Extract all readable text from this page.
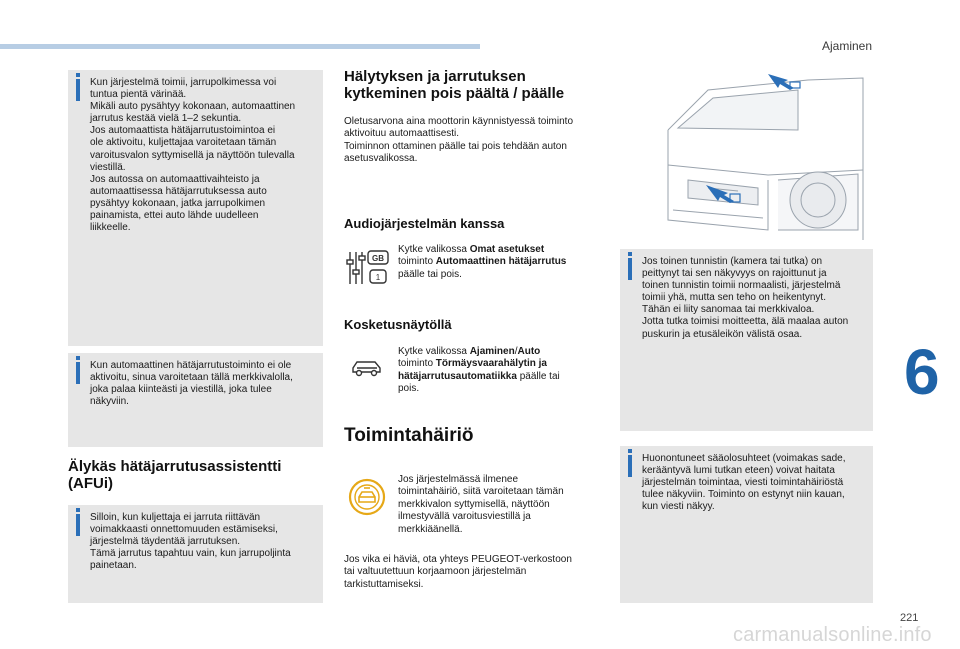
Ajaminen

Kun järjestelmä toimii, jarrupolkimessa voi
tuntua pientä värinää.
Mikäli auto pysähtyy kokonaan, automaattinen
jarrutus kestää vielä 1–2 sekuntia.
Jos automaattista hätäjarrutustoimintoa ei
ole aktivoitu, kuljettajaa varoitetaan tämän
varoitusvalon syttymisellä ja näyttöön tulevalla
viestillä.
Jos autossa on automaattivaihteisto ja
automaattisessa hätäjarrutuksessa auto
pysähtyy kokonaan, jatka jarrupolkimen
painamista, ettei auto lähde uudelleen
liikkeelle.

Kun automaattinen hätäjarrutustoiminto ei ole
aktivoitu, sinua varoitetaan tällä merkkivalolla,
joka palaa kiinteästi ja viestillä, joka tulee
näkyviin.

Älykäs hätäjarrutusassistentti
(AFUi)

Silloin, kun kuljettaja ei jarruta riittävän
voimakkaasti onnettomuuden estämiseksi,
järjestelmä täydentää jarrutuksen.
Tämä jarrutus tapahtuu vain, kun jarrupoljinta
painetaan.

Hälytyksen ja jarrutuksen
kytkeminen pois päältä / päälle

Oletusarvona aina moottorin käynnistyessä toiminto
aktivoituu automaattisesti.
Toiminnon ottaminen päälle tai pois tehdään auton
asetusvalikossa.

Audiojärjestelmän kanssa
GB
1

Kytke valikossa Omat asetukset
toiminto Automaattinen hätäjarrutus
päälle tai pois.

Kosketusnäytöllä

Kytke valikossa Ajaminen/Auto
toiminto Törmäysvaarahälytin ja
hätäjarrutusautomatiikka päälle tai
pois.

Toimintahäiriö

Jos järjestelmässä ilmenee
toimintahäiriö, siitä varoitetaan tämän
merkkivalon syttymisellä, näyttöön
ilmestyvällä varoitusviestillä ja
merkkiäänellä.

Jos vika ei häviä, ota yhteys PEUGEOT-verkostoon
tai valtuutettuun korjaamoon järjestelmän
tarkistuttamiseksi.

Jos toinen tunnistin (kamera tai tutka) on
peittynyt tai sen näkyvyys on rajoittunut ja
toinen tunnistin toimii normaalisti, järjestelmä
toimii yhä, mutta sen teho on heikentynyt.
Tähän ei liity sanomaa tai merkkivaloa.
Jotta tutka toimisi moitteetta, älä maalaa auton
puskurin ja etusäleikön välistä osaa.

Huonontuneet sääolosuhteet (voimakas sade,
kerääntyvä lumi tutkan eteen) voivat haitata
järjestelmän toimintaa, viesti toimintahäiriöstä
tulee näkyviin. Toiminto on estynyt niin kauan,
kun viesti näkyy.

6
221
carmanualsonline.info
